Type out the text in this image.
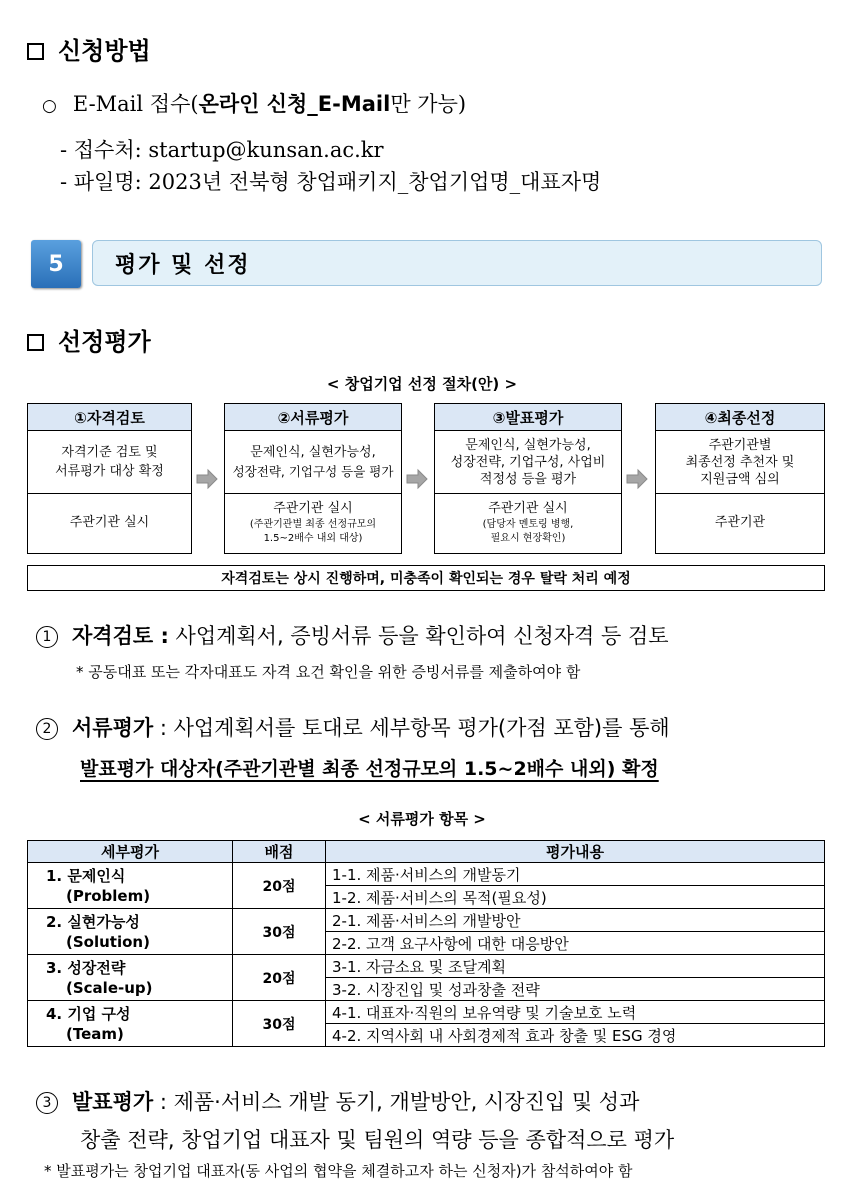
신청방법
○ E-Mail 접수(온라인 신청_E-Mail만 가능)
- 접수처: startup@kunsan.ac.kr
- 파일명: 2023년 전북형 창업패키지_창업기업명_대표자명
5	평가 및 선정
선정평가
< 창업기업 선정 절차(안) >
①자격검토
자격기준 검토 및
서류평가 대상 확정
주관기관 실시
②서류평가
문제인식, 실현가능성,
성장전략, 기업구성 등을 평가
주관기관 실시
(주관기관별 최종 선정규모의
1.5~2배수 내외 대상)
③발표평가
문제인식, 실현가능성,
성장전략, 기업구성, 사업비
적정성 등을 평가
주관기관 실시
(담당자 멘토링 병행,
필요시 현장확인)
④최종선정
주관기관별
최종선정 추천자 및
지원금액 심의
주관기관
자격검토는 상시 진행하며, 미충족이 확인되는 경우 탈락 처리 예정
1 자격검토 : 사업계획서, 증빙서류 등을 확인하여 신청자격 등 검토
* 공동대표 또는 각자대표도 자격 요건 확인을 위한 증빙서류를 제출하여야 함
2 서류평가 : 사업계획서를 토대로 세부항목 평가(가점 포함)를 통해
발표평가 대상자(주관기관별 최종 선정규모의 1.5~2배수 내외) 확정
< 서류평가 항목 >
세부평가	배점	평가내용

1. 문제인식
(Problem)	20점	1-1. 제품·서비스의 개발동기
		1-2. 제품·서비스의 목적(필요성)

2. 실현가능성
(Solution)	30점	2-1. 제품·서비스의 개발방안
		2-2. 고객 요구사항에 대한 대응방안

3. 성장전략
(Scale-up)	20점	3-1. 자금소요 및 조달계획
		3-2. 시장진입 및 성과창출 전략

4. 기업 구성
(Team)	30점	4-1. 대표자·직원의 보유역량 및 기술보호 노력
		4-2. 지역사회 내 사회경제적 효과 창출 및 ESG 경영
3 발표평가 : 제품·서비스 개발 동기, 개발방안, 시장진입 및 성과
창출 전략, 창업기업 대표자 및 팀원의 역량 등을 종합적으로 평가
* 발표평가는 창업기업 대표자(동 사업의 협약을 체결하고자 하는 신청자)가 참석하여야 함
